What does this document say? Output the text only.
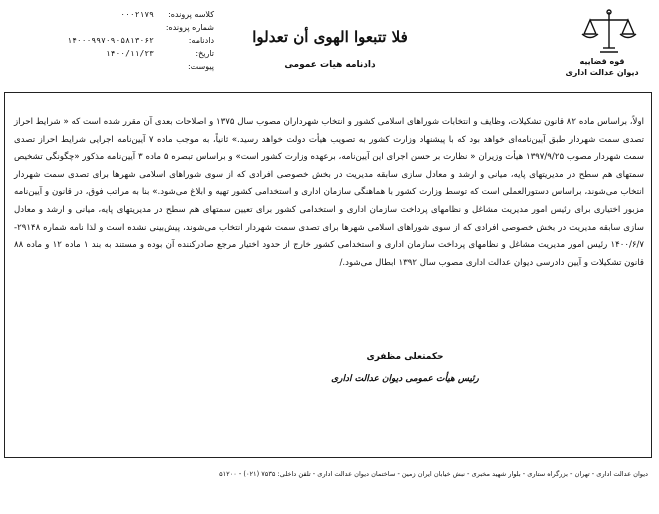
قوه قضاییه
دیوان عدالت اداری
فلا تتبعوا الهوی أن تعدلوا
دادنامه هیات عمومی
۰۰۰۲۱۷۹	کلاسه پرونده:
شماره پرونده:
۱۴۰۰۰۹۹۷۰۹۰۵۸۱۳۰۶۲	دادنامه:
۱۴۰۰/۱۱/۲۳	تاریخ:
پیوست:
اولاً، براساس ماده ۸۲ قانون تشکیلات، وظایف و انتخابات شوراهای اسلامی کشور و انتخاب شهرداران مصوب سال ۱۳۷۵ و اصلاحات بعدی آن مقرر شده است که « شرایط احراز تصدی سمت شهردار طبق آیین‌نامه‌ای خواهد بود که با پیشنهاد وزارت کشور به تصویب هیأت دولت خواهد رسید.» ثانیاً، به موجب ماده ۷ آیین‌نامه اجرایی شرایط احراز تصدی سمت شهردار مصوب ۱۳۹۷/۹/۲۵ هیأت وزیران « نظارت بر حسن اجرای این آیین‌نامه، برعهده وزارت کشور است» و براساس تبصره ۵ ماده ۳ آیین‌نامه مذکور «چگونگی تشخیص سمتهای هم سطح در مدیریتهای پایه، میانی و ارشد و معادل سازی سابقه مدیریت در بخش خصوصی افرادی که از سوی شوراهای اسلامی شهرها برای تصدی سمت شهردار انتخاب می‌شوند، براساس دستورالعملی است که توسط وزارت کشور با هماهنگی سازمان اداری و استخدامی کشور تهیه و ابلاغ می‌شود.» بنا به مراتب فوق، در قانون و آیین‌نامه مزبور اختیاری برای رئیس امور مدیریت مشاغل و نظامهای پرداخت سازمان اداری و استخدامی کشور برای تعیین سمتهای هم سطح در مدیریتهای پایه، میانی و ارشد و معادل سازی سابقه مدیریت در بخش خصوصی افرادی که از سوی شوراهای اسلامی شهرها برای تصدی سمت شهردار انتخاب می‌شوند، پیش‌بینی نشده است و لذا نامه شماره ۲۹۱۴۸- ۱۴۰۰/۶/۷ رئیس امور مدیریت مشاغل و نظامهای پرداخت سازمان اداری و استخدامی کشور خارج از حدود اختیار مرجع صادرکننده آن بوده و مستند به بند ۱ ماده ۱۲ و ماده ۸۸ قانون تشکیلات و آیین دادرسی دیوان عدالت اداری مصوب سال ۱۳۹۲ ابطال می‌شود./
حکمتعلی مظفری
رئیس هیأت عمومی دیوان عدالت اداری
دیوان عدالت اداری - تهران - بزرگراه ستاری - بلوار شهید مخبری - نبش خیابان ایران زمین - ساختمان دیوان عدالت اداری - تلفن داخلی: ۷۵۳۵ (۰۲۱) - ۵۱۲۰۰
